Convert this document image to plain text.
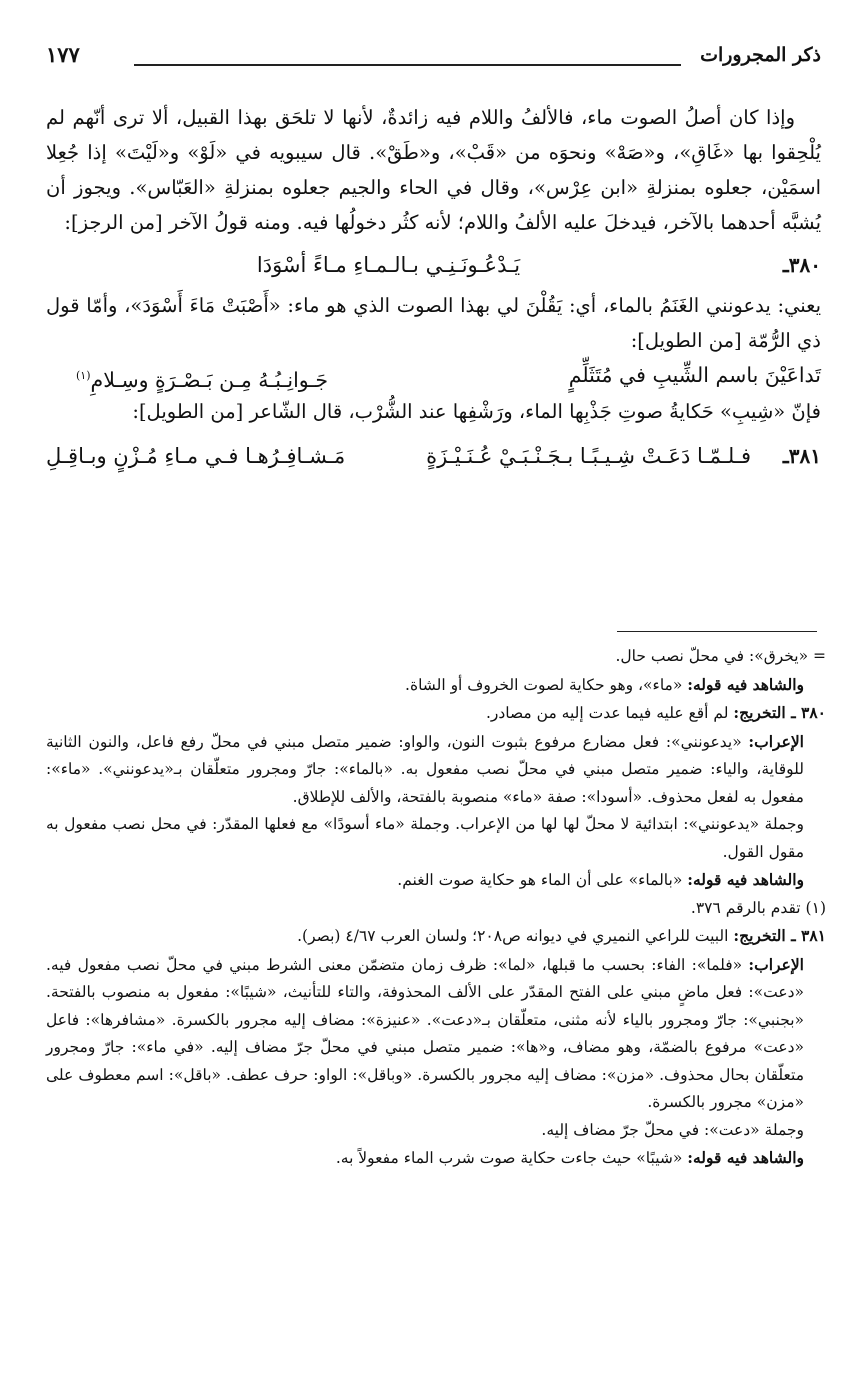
ذكر المجرورات
١٧٧

وإذا كان أصلُ الصوت ماء، فالألفُ واللام فيه زائدةٌ، لأنها لا تلحَق بهذا القبيل، ألا ترى أنّهم لم يُلْحِقوا بها «غَاقِ»، و«صَهْ» ونحوَه من «قَبْ»، و«طَقْ». قال سيبويه في «لَوْ» و«لَيْتَ» إذا جُعِلا اسمَيْن، جعلوه بمنزلةِ «ابن عِرْس»، وقال في الحاء والجيم جعلوه بمنزلةِ «العَبّاس». ويجوز أن يُشبَّه أحدهما بالآخر، فيدخلَ عليه الألفُ واللام؛ لأنه كثُر دخولُها فيه. ومنه قولُ الآخر [من الرجز]:

٣٨٠ـ
يَـدْعُـونَـنِـي بـالـمـاءِ مـاءً أسْوَدَا

يعني: يدعونني الغَنَمُ بالماء، أي: يَقُلْنَ لي بهذا الصوت الذي هو ماء: «أَصْبَتْ مَاءَ أَسْوَدَ»، وأمّا قول ذي الرُّمّة [من الطويل]:

تَداعَيْنَ باسم الشِّيبِ في مُتَثَلِّمٍ
جَـوانِـبُـهُ مِـن بَـصْـرَةٍ وسِـلامِ$^{(١)}$

فإنّ «شِيبِ» حَكايةُ صوتِ جَذْبِها الماء، ورَشْفِها عند الشُّرْب، قال الشّاعر [من الطويل]:

٣٨١ـ
فـلـمّـا دَعَـتْ شِـيـبًـا بـجَـنْـبَـيْ عُـنَـيْـزَةٍ
مَـشـافِـرُهـا فـي مـاءِ مُـزْنٍ وبـاقِـلِ

= «يخرق»: في محلّ نصب حال.

والشاهد فيه قوله: «ماء»، وهو حكاية لصوت الخروف أو الشاة.

٣٨٠ ـ التخريج: لم أقع عليه فيما عدت إليه من مصادر.

الإعراب: «يدعونني»: فعل مضارع مرفوع بثبوت النون، والواو: ضمير متصل مبني في محلّ رفع فاعل، والنون الثانية للوقاية، والياء: ضمير متصل مبني في محلّ نصب مفعول به. «بالماء»: جارّ ومجرور متعلّقان بـ«يدعونني». «ماء»: مفعول به لفعل محذوف. «أسودا»: صفة «ماء» منصوبة بالفتحة، والألف للإطلاق.

وجملة «يدعونني»: ابتدائية لا محلّ لها لها من الإعراب. وجملة «ماء أسودًا» مع فعلها المقدّر: في محل نصب مفعول به مقول القول.

والشاهد فيه قوله: «بالماء» على أن الماء هو حكاية صوت الغنم.

(١) تقدم بالرقم ٣٧٦.

٣٨١ ـ التخريج: البيت للراعي النميري في ديوانه ص٢٠٨؛ ولسان العرب ٤/٦٧ (بصر).

الإعراب: «فلما»: الفاء: بحسب ما قبلها، «لما»: ظرف زمان متضمّن معنى الشرط مبني في محلّ نصب مفعول فيه. «دعت»: فعل ماضٍ مبني على الفتح المقدّر على الألف المحذوفة، والتاء للتأنيث، «شيبًا»: مفعول به منصوب بالفتحة. «بجنبي»: جارّ ومجرور بالياء لأنه مثنى، متعلّقان بـ«دعت». «عنيزة»: مضاف إليه مجرور بالكسرة. «مشافرها»: فاعل «دعت» مرفوع بالضمّة، وهو مضاف، و«ها»: ضمير متصل مبني في محلّ جرّ مضاف إليه. «في ماء»: جارّ ومجرور متعلّقان بحال محذوف. «مزن»: مضاف إليه مجرور بالكسرة. «وباقل»: الواو: حرف عطف. «باقل»: اسم معطوف على «مزن» مجرور بالكسرة.

وجملة «دعت»: في محلّ جرّ مضاف إليه.

والشاهد فيه قوله: «شيبًا» حيث جاءت حكاية صوت شرب الماء مفعولاً به.
